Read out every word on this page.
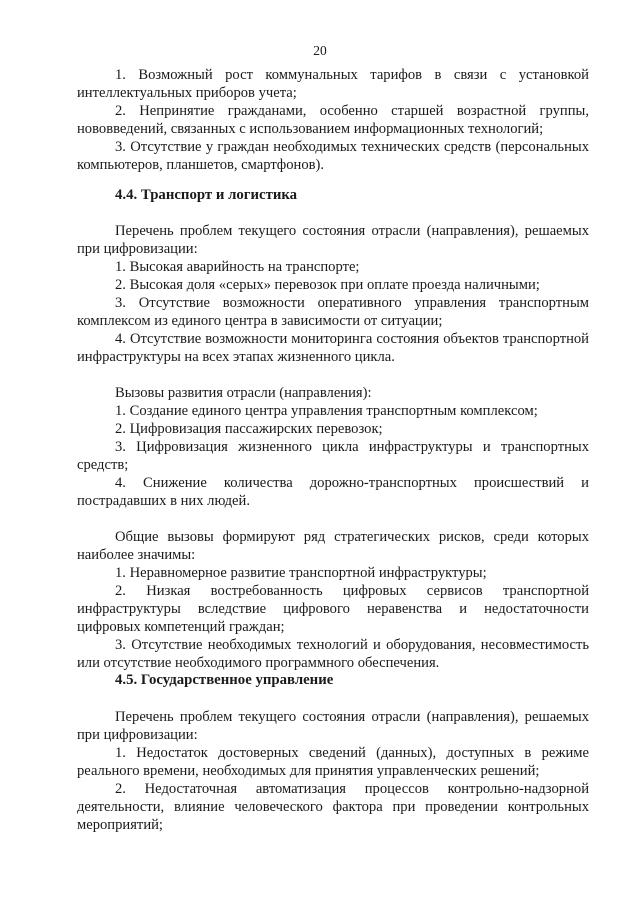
20

1. Возможный рост коммунальных тарифов в связи с установкой интеллектуальных приборов учета;

2. Непринятие гражданами, особенно старшей возрастной группы, нововведений, связанных с использованием информационных технологий;

3. Отсутствие у граждан необходимых технических средств (персональных компьютеров, планшетов, смартфонов).

4.4. Транспорт и логистика

Перечень проблем текущего состояния отрасли (направления), решаемых при цифровизации:

1. Высокая аварийность на транспорте;

2. Высокая доля «серых» перевозок при оплате проезда наличными;

3. Отсутствие возможности оперативного управления транспортным комплексом из единого центра в зависимости от ситуации;

4. Отсутствие возможности мониторинга состояния объектов транспортной инфраструктуры на всех этапах жизненного цикла.

Вызовы развития отрасли (направления):

1. Создание единого центра управления транспортным комплексом;

2. Цифровизация пассажирских перевозок;

3. Цифровизация жизненного цикла инфраструктуры и транспортных средств;

4. Снижение количества дорожно-транспортных происшествий и пострадавших в них людей.

Общие вызовы формируют ряд стратегических рисков, среди которых наиболее значимы:

1. Неравномерное развитие транспортной инфраструктуры;

2. Низкая востребованность цифровых сервисов транспортной инфраструктуры вследствие цифрового неравенства и недостаточности цифровых компетенций граждан;

3. Отсутствие необходимых технологий и оборудования, несовместимость или отсутствие необходимого программного обеспечения.

4.5. Государственное управление

Перечень проблем текущего состояния отрасли (направления), решаемых при цифровизации:

1. Недостаток достоверных сведений (данных), доступных в режиме реального времени, необходимых для принятия управленческих решений;

2. Недостаточная автоматизация процессов контрольно-надзорной деятельности, влияние человеческого фактора при проведении контрольных мероприятий;
